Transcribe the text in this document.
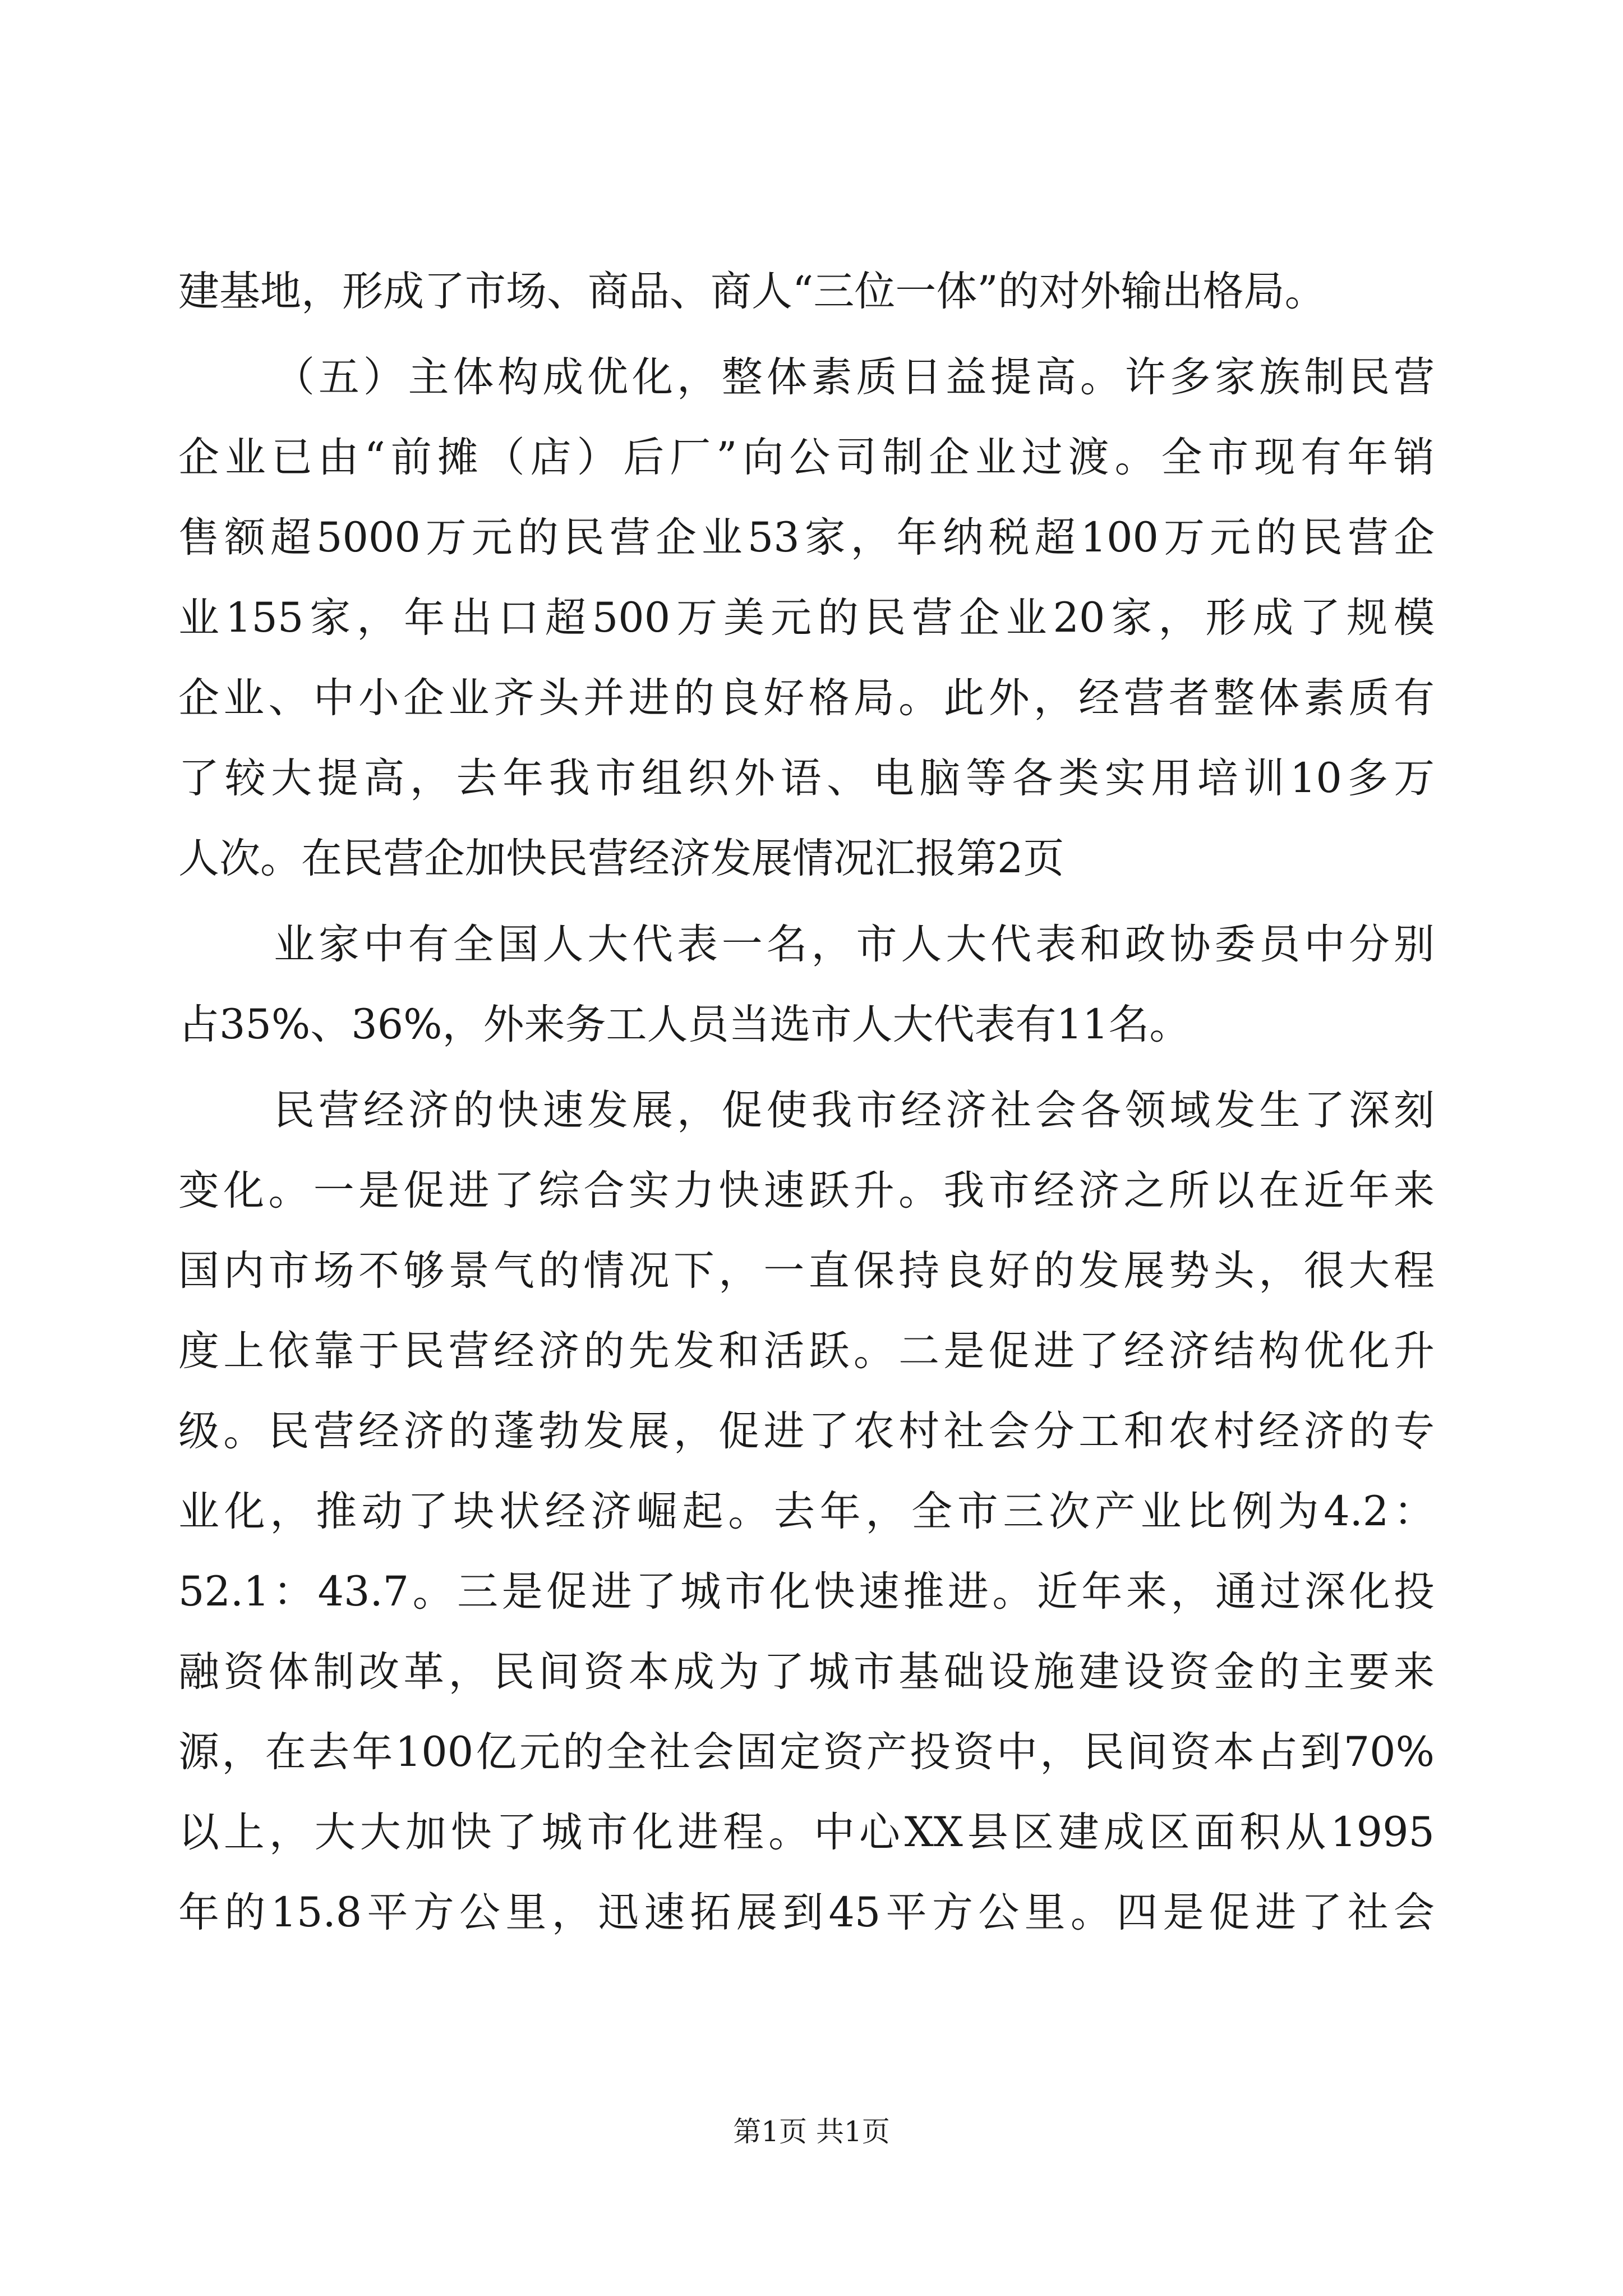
建基地，形成了市场、商品、商人“三位一体”的对外输出格局。
（五）主体构成优化，整体素质日益提高。许多家族制民营
企业已由“前摊（店）后厂”向公司制企业过渡。全市现有年销
售额超5000万元的民营企业53家，年纳税超100万元的民营企
业155家，年出口超500万美元的民营企业20家，形成了规模
企业、中小企业齐头并进的良好格局。此外，经营者整体素质有
了较大提高，去年我市组织外语、电脑等各类实用培训10多万
人次。在民营企加快民营经济发展情况汇报第2页
业家中有全国人大代表一名，市人大代表和政协委员中分别
占35%、36%，外来务工人员当选市人大代表有11名。
民营经济的快速发展，促使我市经济社会各领域发生了深刻
变化。一是促进了综合实力快速跃升。我市经济之所以在近年来
国内市场不够景气的情况下，一直保持良好的发展势头，很大程
度上依靠于民营经济的先发和活跃。二是促进了经济结构优化升
级。民营经济的蓬勃发展，促进了农村社会分工和农村经济的专
业化，推动了块状经济崛起。去年，全市三次产业比例为4.2：
52.1：43.7。三是促进了城市化快速推进。近年来，通过深化投
融资体制改革，民间资本成为了城市基础设施建设资金的主要来
源，在去年100亿元的全社会固定资产投资中，民间资本占到70%
以上，大大加快了城市化进程。中心XX县区建成区面积从1995
年的15.8平方公里，迅速拓展到45平方公里。四是促进了社会
第1页 共1页
